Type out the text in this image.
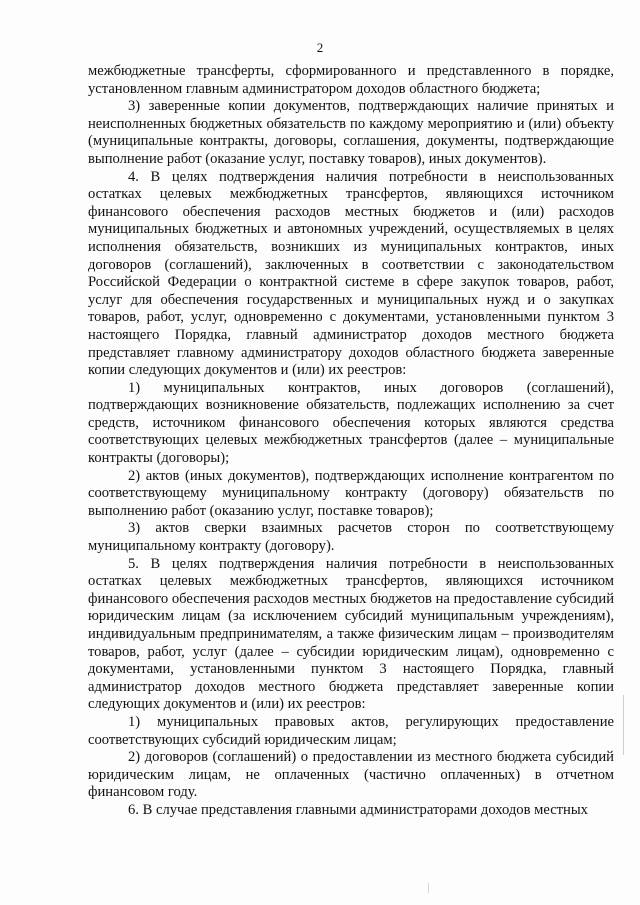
2

межбюджетные трансферты, сформированного и представленного в порядке, установленном главным администратором доходов областного бюджета;

3) заверенные копии документов, подтверждающих наличие принятых и неисполненных бюджетных обязательств по каждому мероприятию и (или) объекту (муниципальные контракты, договоры, соглашения, документы, подтверждающие выполнение работ (оказание услуг, поставку товаров), иных документов).

4. В целях подтверждения наличия потребности в неиспользованных остатках целевых межбюджетных трансфертов, являющихся источником финансового обеспечения расходов местных бюджетов и (или) расходов муниципальных бюджетных и автономных учреждений, осуществляемых в целях исполнения обязательств, возникших из муниципальных контрактов, иных договоров (соглашений), заключенных в соответствии с законодательством Российской Федерации о контрактной системе в сфере закупок товаров, работ, услуг для обеспечения государственных и муниципальных нужд и о закупках товаров, работ, услуг, одновременно с документами, установленными пунктом 3 настоящего Порядка, главный администратор доходов местного бюджета представляет главному администратору доходов областного бюджета заверенные копии следующих документов и (или) их реестров:

1) муниципальных контрактов, иных договоров (соглашений), подтверждающих возникновение обязательств, подлежащих исполнению за счет средств, источником финансового обеспечения которых являются средства соответствующих целевых межбюджетных трансфертов (далее – муниципальные контракты (договоры);

2) актов (иных документов), подтверждающих исполнение контрагентом по соответствующему муниципальному контракту (договору) обязательств по выполнению работ (оказанию услуг, поставке товаров);

3) актов сверки взаимных расчетов сторон по соответствующему муниципальному контракту (договору).

5. В целях подтверждения наличия потребности в неиспользованных остатках целевых межбюджетных трансфертов, являющихся источником финансового обеспечения расходов местных бюджетов на предоставление субсидий юридическим лицам (за исключением субсидий муниципальным учреждениям), индивидуальным предпринимателям, а также физическим лицам – производителям товаров, работ, услуг (далее – субсидии юридическим лицам), одновременно с документами, установленными пунктом 3 настоящего Порядка, главный администратор доходов местного бюджета представляет заверенные копии следующих документов и (или) их реестров:

1) муниципальных правовых актов, регулирующих предоставление соответствующих субсидий юридическим лицам;

2) договоров (соглашений) о предоставлении из местного бюджета субсидий юридическим лицам, не оплаченных (частично оплаченных) в отчетном финансовом году.

6. В случае представления главными администраторами доходов местных
